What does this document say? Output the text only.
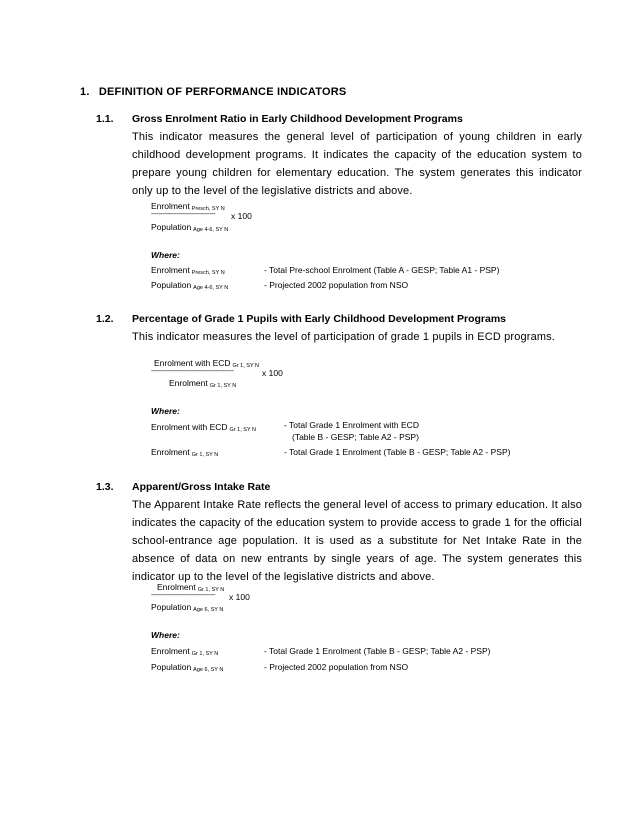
1. DEFINITION OF PERFORMANCE INDICATORS
1.1. Gross Enrolment Ratio in Early Childhood Development Programs
This indicator measures the general level of participation of young children in early childhood development programs. It indicates the capacity of the education system to prepare young children for elementary education. The system generates this indicator only up to the level of the legislative districts and above.
Enrolment Presch, SY N
----------------------------------- x 100
Population Age 4-6, SY N
Where:
Enrolment Presch, SY N	- Total Pre-school Enrolment (Table A - GESP; Table A1 - PSP)
Population Age 4-6, SY N	- Projected 2002 population from NSO
1.2. Percentage of Grade 1 Pupils with Early Childhood Development Programs
This indicator measures the level of participation of grade 1 pupils in ECD programs.
Enrolment with ECD Gr 1, SY N
---------------------------------------------	x 100
Enrolment Gr 1, SY N
Where:
Enrolment with ECD Gr 1, SY N	- Total Grade 1 Enrolment with ECD
(Table B - GESP; Table A2 - PSP)
Enrolment Gr 1, SY N	- Total Grade 1 Enrolment (Table B - GESP; Table A2 - PSP)
1.3. Apparent/Gross Intake Rate
The Apparent Intake Rate reflects the general level of access to primary education. It also indicates the capacity of the education system to provide access to grade 1 for the official school-entrance age population. It is used as a substitute for Net Intake Rate in the absence of data on new entrants by single years of age. The system generates this indicator up to the level of the legislative districts and above.
Enrolment Gr 1, SY N
----------------------------------- x 100
Population Age 6, SY N
Where:
Enrolment Gr 1, SY N	- Total Grade 1 Enrolment (Table B - GESP; Table A2 - PSP)
Population Age 6, SY N	- Projected 2002 population from NSO
